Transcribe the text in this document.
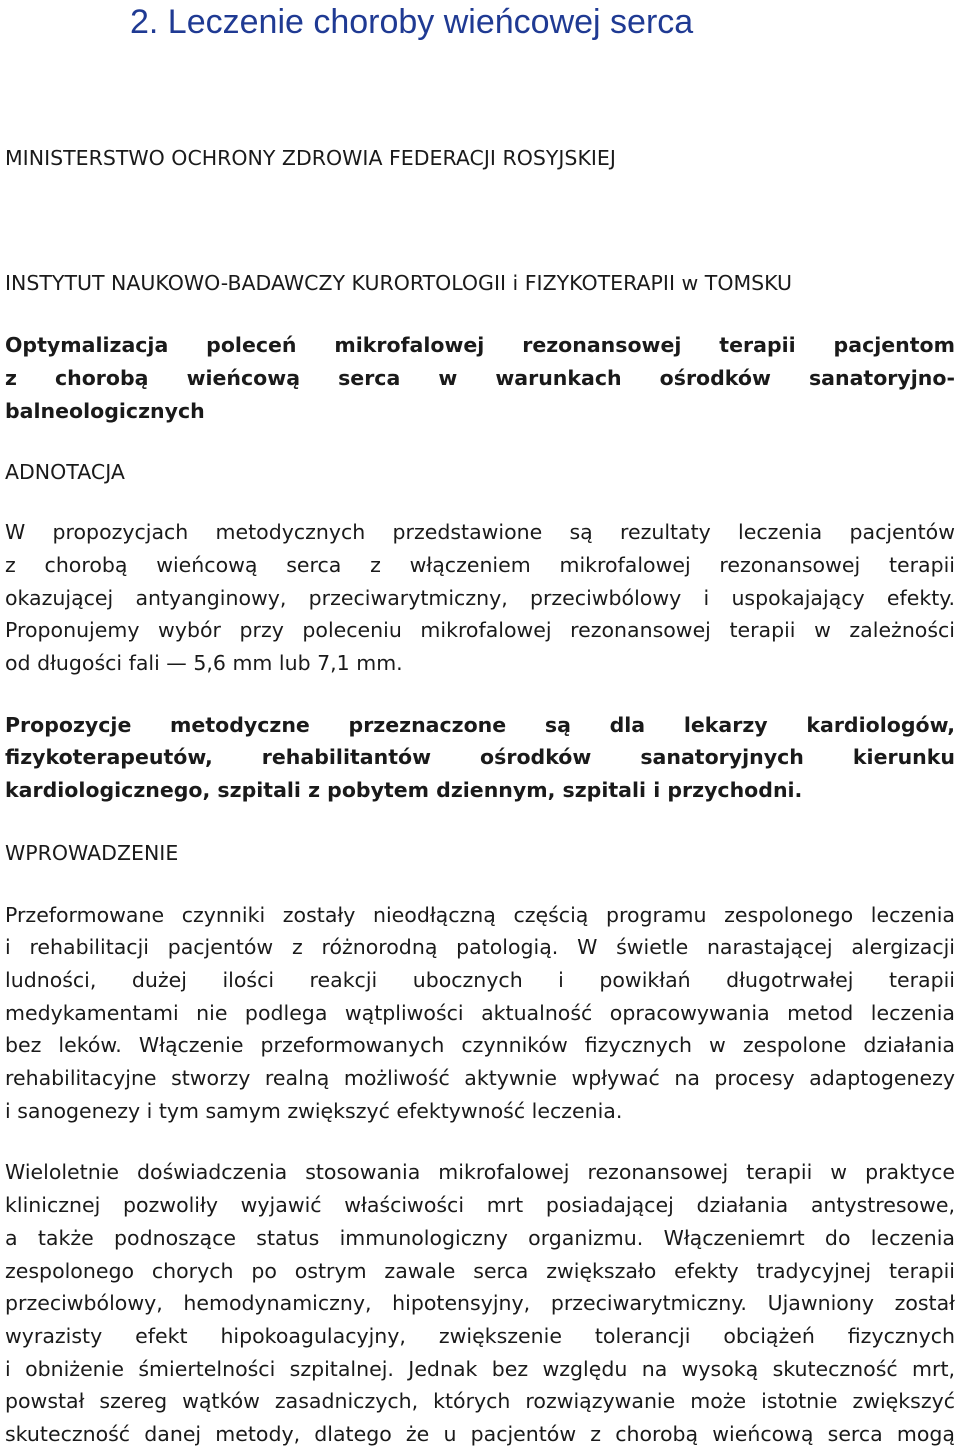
2. Leczenie choroby wieńcowej serca

MINISTERSTWO OCHRONY ZDROWIA FEDERACJI ROSYJSKIEJ

INSTYTUT NAUKOWO-BADAWCZY KURORTOLOGII i FIZYKOTERAPII w TOMSKU

Optymalizacja poleceń mikrofalowej rezonansowej terapii pacjentom
z chorobą wieńcową serca w warunkach ośrodków sanatoryjno-
balneologicznych

ADNOTACJA

W propozycjach metodycznych przedstawione są rezultaty leczenia pacjentów
z chorobą wieńcową serca z włączeniem mikrofalowej rezonansowej terapii
okazującej antyanginowy, przeciwarytmiczny, przeciwbólowy i uspokajający efekty.
Proponujemy wybór przy poleceniu mikrofalowej rezonansowej terapii w zależności
od długości fali — 5,6 mm lub 7,1 mm.
Propozycje metodyczne przeznaczone są dla lekarzy kardiologów,
fizykoterapeutów, rehabilitantów ośrodków sanatoryjnych kierunku
kardiologicznego, szpitali z pobytem dziennym, szpitali i przychodni.

WPROWADZENIE

Przeformowane czynniki zostały nieodłączną częścią programu zespolonego leczenia
i rehabilitacji pacjentów z różnorodną patologią. W świetle narastającej alergizacji
ludności, dużej ilości reakcji ubocznych i powikłań długotrwałej terapii
medykamentami nie podlega wątpliwości aktualność opracowywania metod leczenia
bez leków. Włączenie przeformowanych czynników fizycznych w zespolone działania
rehabilitacyjne stworzy realną możliwość aktywnie wpływać na procesy adaptogenezy
i sanogenezy i tym samym zwiększyć efektywność leczenia.
Wieloletnie doświadczenia stosowania mikrofalowej rezonansowej terapii w praktyce
klinicznej pozwoliły wyjawić właściwości mrt posiadającej działania antystresowe,
a także podnoszące status immunologiczny organizmu. Włączeniemrt do leczenia
zespolonego chorych po ostrym zawale serca zwiększało efekty tradycyjnej terapii
przeciwbólowy, hemodynamiczny, hipotensyjny, przeciwarytmiczny. Ujawniony został
wyrazisty efekt hipokoagulacyjny, zwiększenie tolerancji obciążeń fizycznych
i obniżenie śmiertelności szpitalnej. Jednak bez względu na wysoką skuteczność mrt,
powstał szereg wątków zasadniczych, których rozwiązywanie może istotnie zwiększyć
skuteczność danej metody, dlatego że u pacjentów z chorobą wieńcową serca mogą
